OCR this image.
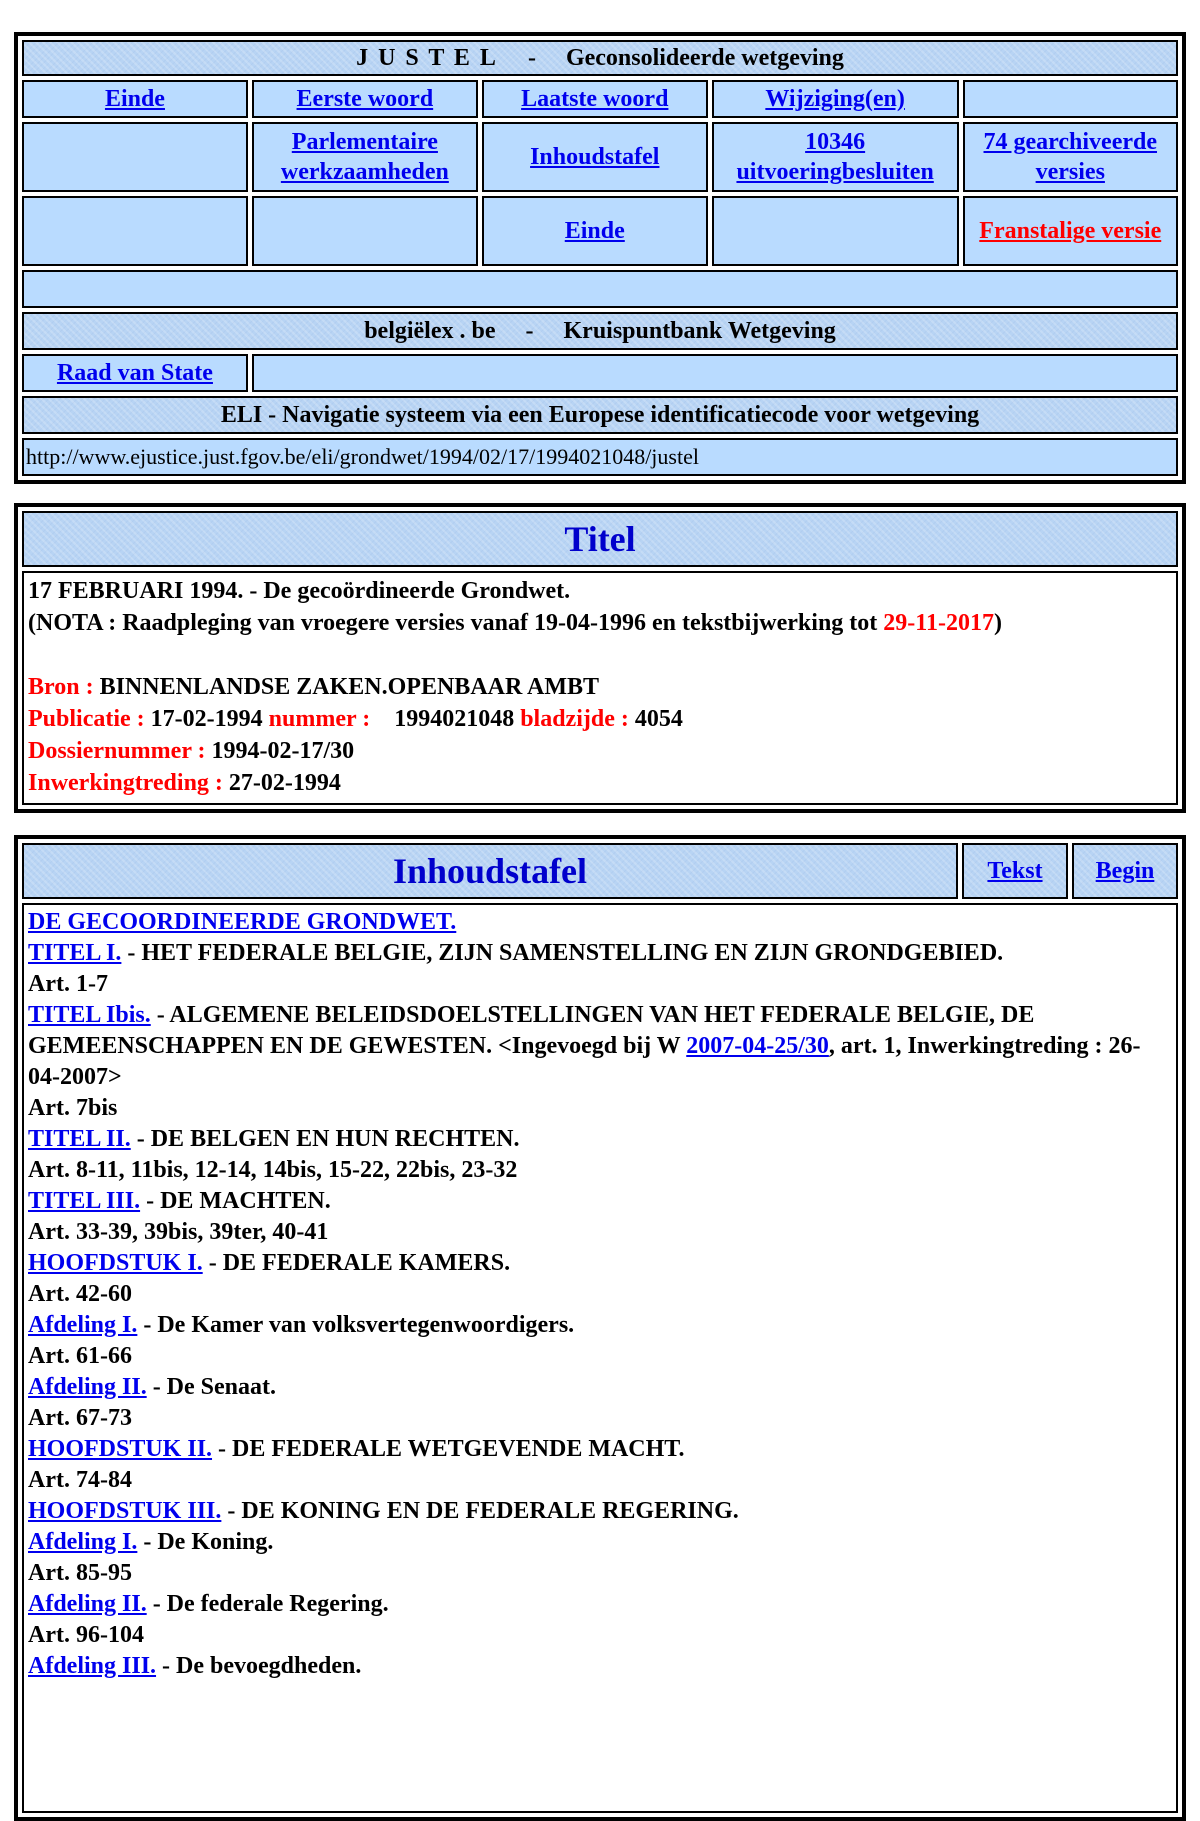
J U S T E L - Geconsolideerde wetgeving				
Einde	Eerste woord	Laatste woord	Wijziging(en)	
	Parlementaire werkzaamheden	Inhoudstafel	10346 uitvoeringbesluiten	74 gearchiveerde versies
		Einde		Franstalige versie

belgiëlex . be - Kruispuntbank Wetgeving				
Raad van State				
ELI - Navigatie systeem via een Europese identificatiecode voor wetgeving				
http://www.ejustice.just.fgov.be/eli/grondwet/1994/02/17/1994021048/justel				
Titel

17 FEBRUARI 1994. - De gecoördineerde Grondwet.
(NOTA : Raadpleging van vroegere versies vanaf 19-04-1996 en tekstbijwerking tot 29-11-2017)
Bron : BINNENLANDSE ZAKEN.OPENBAAR AMBT
Publicatie : 17-02-1994 nummer :    1994021048 bladzijde : 4054
Dossiernummer : 1994-02-17/30
Inwerkingtreding : 27-02-1994
Inhoudstafel	Tekst	Begin

DE GECOORDINEERDE GRONDWET.
TITEL I. - HET FEDERALE BELGIE, ZIJN SAMENSTELLING EN ZIJN GRONDGEBIED.
Art. 1-7
TITEL Ibis. - ALGEMENE BELEIDSDOELSTELLINGEN VAN HET FEDERALE BELGIE, DE GEMEENSCHAPPEN EN DE GEWESTEN. <Ingevoegd bij W 2007-04-25/30, art. 1, Inwerkingtreding : 26-04-2007>
Art. 7bis
TITEL II. - DE BELGEN EN HUN RECHTEN.
Art. 8-11, 11bis, 12-14, 14bis, 15-22, 22bis, 23-32
TITEL III. - DE MACHTEN.
Art. 33-39, 39bis, 39ter, 40-41
HOOFDSTUK I. - DE FEDERALE KAMERS.
Art. 42-60
Afdeling I. - De Kamer van volksvertegenwoordigers.
Art. 61-66
Afdeling II. - De Senaat.
Art. 67-73
HOOFDSTUK II. - DE FEDERALE WETGEVENDE MACHT.
Art. 74-84
HOOFDSTUK III. - DE KONING EN DE FEDERALE REGERING.
Afdeling I. - De Koning.
Art. 85-95
Afdeling II. - De federale Regering.
Art. 96-104
Afdeling III. - De bevoegdheden.
